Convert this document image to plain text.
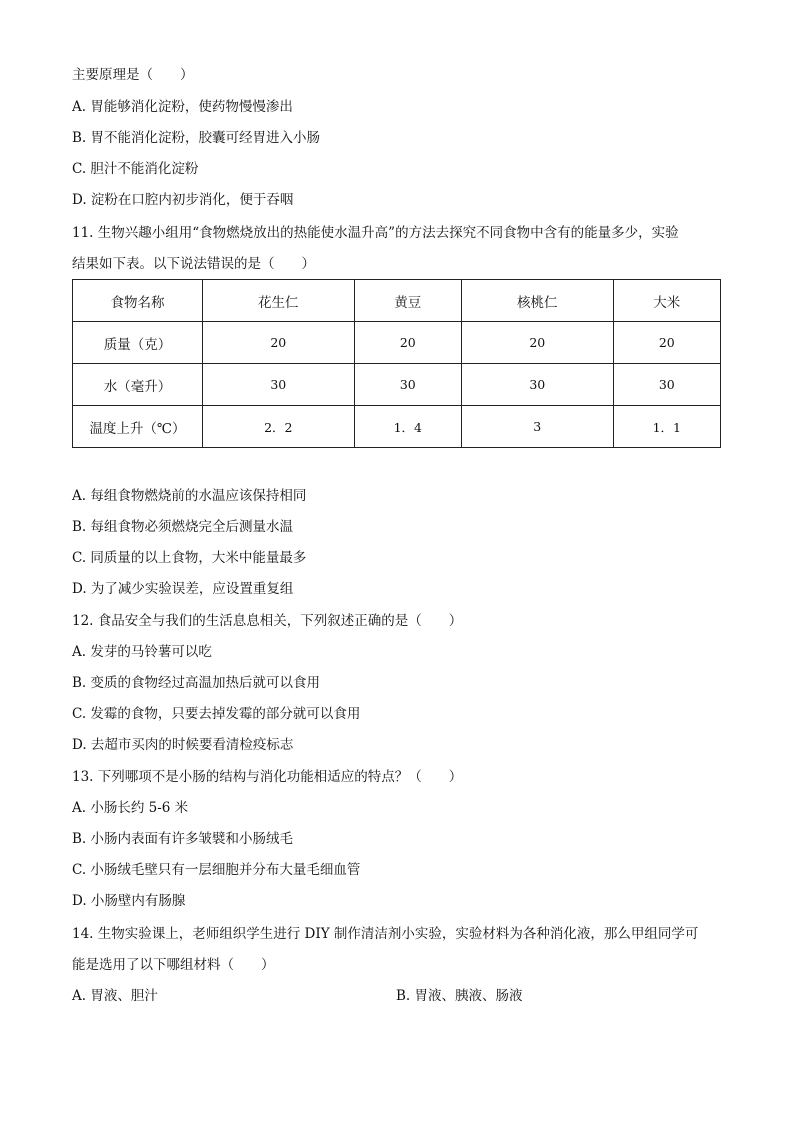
主要原理是（　　）
A. 胃能够消化淀粉，使药物慢慢渗出
B. 胃不能消化淀粉，胶囊可经胃进入小肠
C. 胆汁不能消化淀粉
D. 淀粉在口腔内初步消化，便于吞咽
11. 生物兴趣小组用“食物燃烧放出的热能使水温升高”的方法去探究不同食物中含有的能量多少，实验
结果如下表。以下说法错误的是（　　）
食物名称	花生仁	黄豆	核桃仁	大米
质量（克）	20	20	20	20
水（毫升）	30	30	30	30
温度上升（℃）	2．2	1．4	3	1．1
A. 每组食物燃烧前的水温应该保持相同
B. 每组食物必须燃烧完全后测量水温
C. 同质量的以上食物，大米中能量最多
D. 为了减少实验误差，应设置重复组
12. 食品安全与我们的生活息息相关，下列叙述正确的是（　　）
A. 发芽的马铃薯可以吃
B. 变质的食物经过高温加热后就可以食用
C. 发霉的食物，只要去掉发霉的部分就可以食用
D. 去超市买肉的时候要看清检疫标志
13. 下列哪项不是小肠的结构与消化功能相适应的特点？（　　）
A. 小肠长约 5-6 米
B. 小肠内表面有许多皱襞和小肠绒毛
C. 小肠绒毛壁只有一层细胞并分布大量毛细血管
D. 小肠壁内有肠腺
14. 生物实验课上，老师组织学生进行 DIY 制作清洁剂小实验，实验材料为各种消化液，那么甲组同学可
能是选用了以下哪组材料（　　）
A. 胃液、胆汁	B. 胃液、胰液、肠液
